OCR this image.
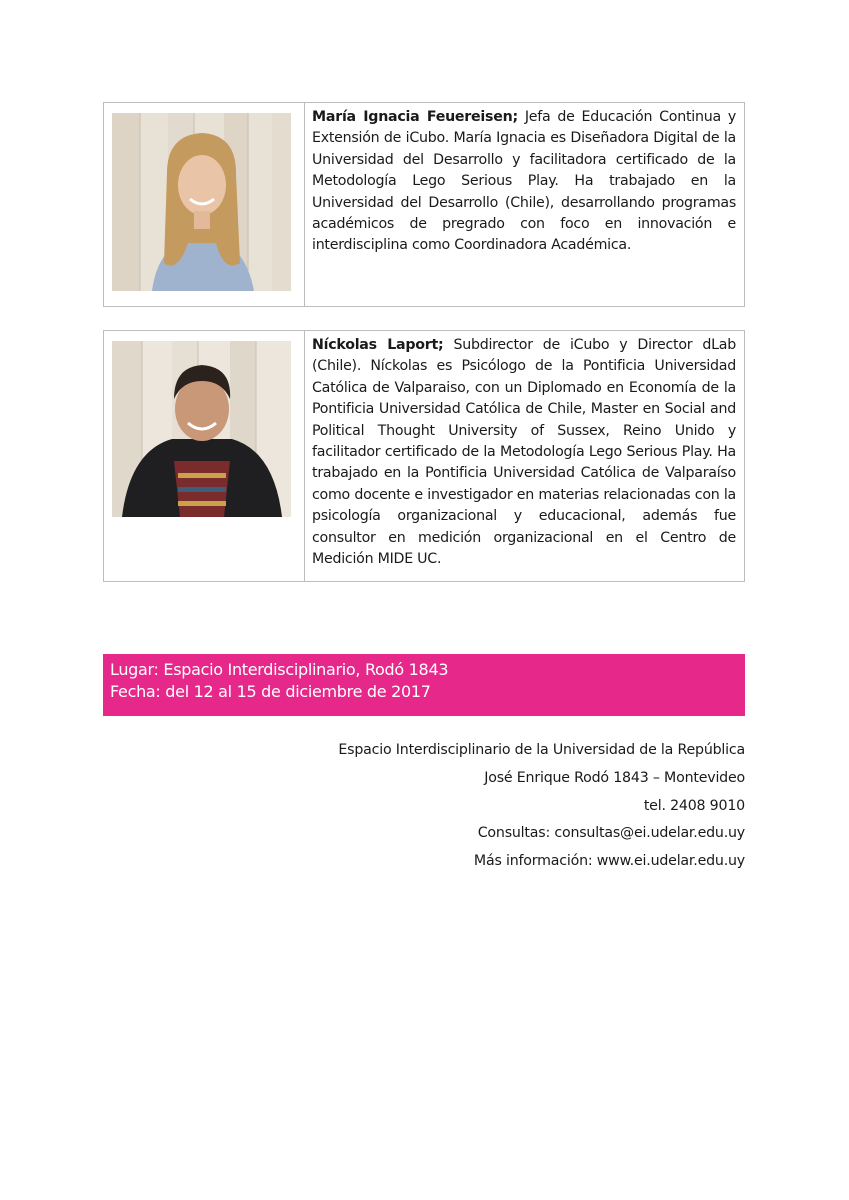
María Ignacia Feuereisen; Jefa de Educación Continua y Extensión de iCubo. María Ignacia es Diseñadora Digital de la Universidad del Desarrollo y facilitadora certificado de la Metodología Lego Serious Play. Ha trabajado en la Universidad del Desarrollo (Chile), desarrollando programas académicos de pregrado con foco en innovación e interdisciplina como Coordinadora Académica.
Níckolas Laport; Subdirector de iCubo y Director dLab (Chile). Níckolas es Psicólogo de la Pontificia Universidad Católica de Valparaiso, con un Diplomado en Economía de la Pontificia Universidad Católica de Chile, Master en Social and Political Thought University of Sussex, Reino Unido y facilitador certificado de la Metodología Lego Serious Play. Ha trabajado en la Pontificia Universidad Católica de Valparaíso como docente e investigador en materias relacionadas con la psicología organizacional y educacional, además fue consultor en medición organizacional en el Centro de Medición MIDE UC.
Lugar: Espacio Interdisciplinario, Rodó 1843
Fecha: del 12 al 15 de diciembre de 2017
Espacio Interdisciplinario de la Universidad de la República
José Enrique Rodó 1843 – Montevideo
tel. 2408 9010
Consultas: consultas@ei.udelar.edu.uy
Más información: www.ei.udelar.edu.uy
